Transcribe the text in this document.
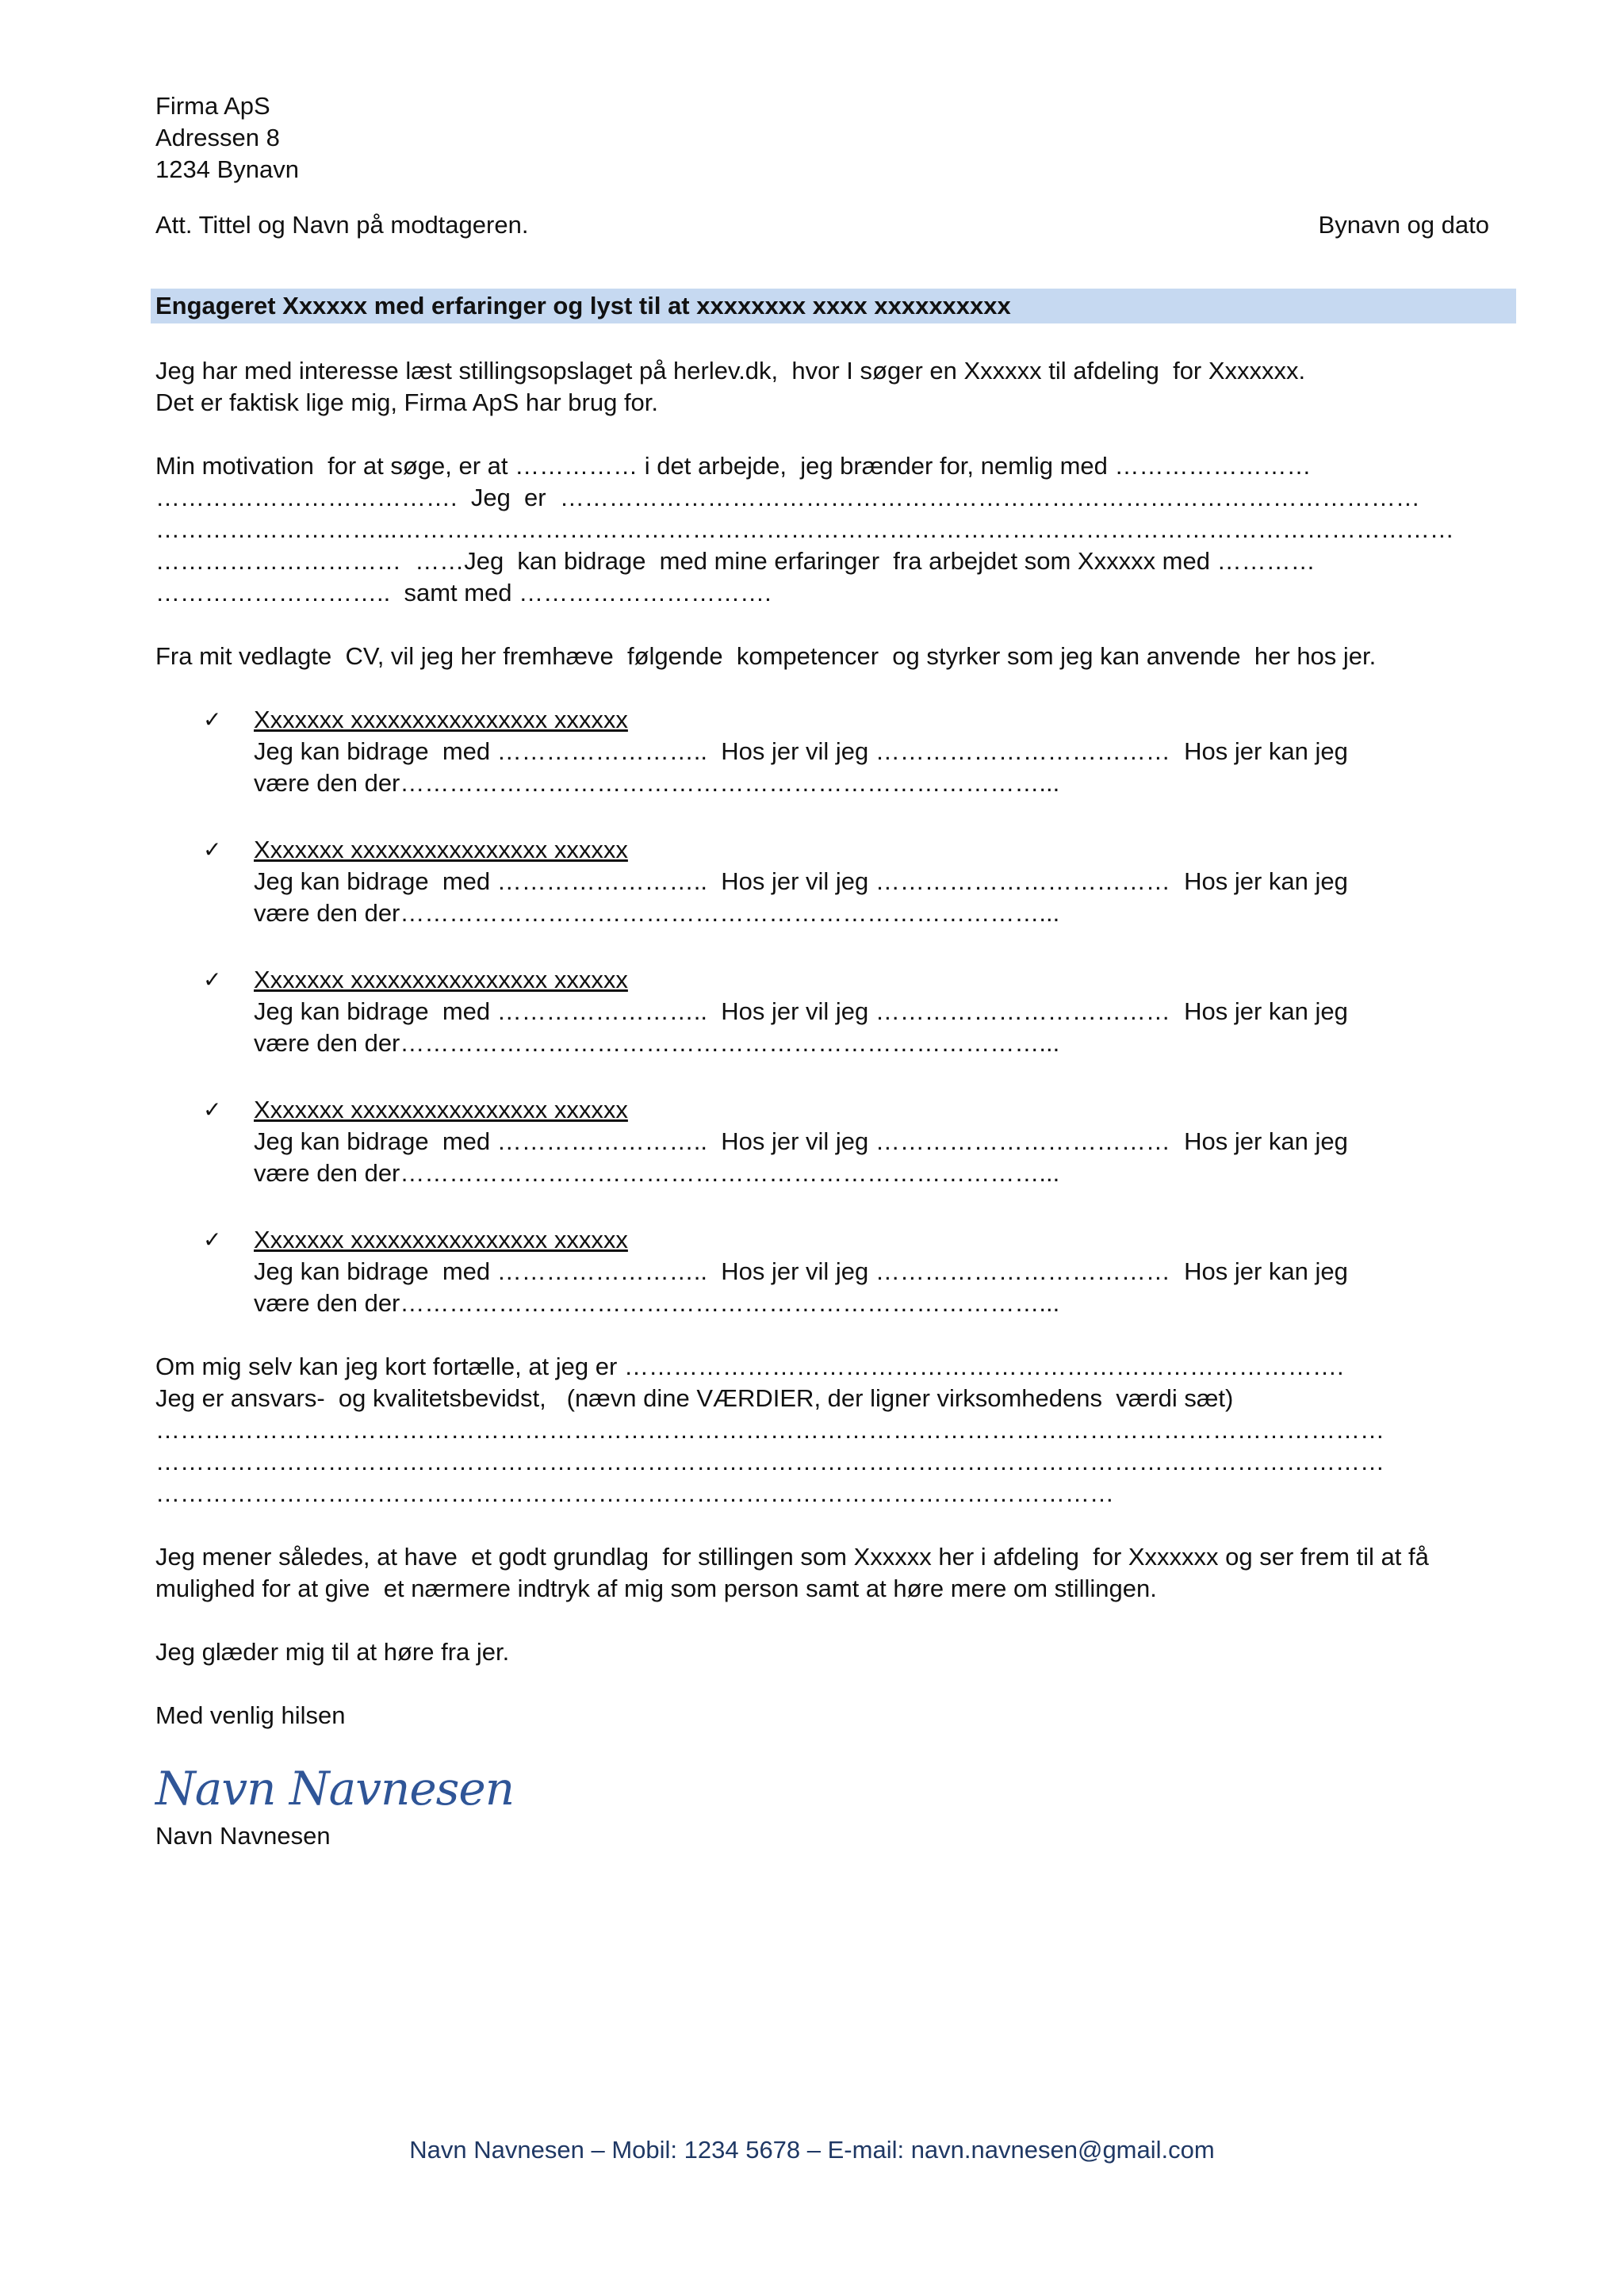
Firma ApS
Adressen 8
1234 Bynavn
Att. Tittel og Navn på modtageren.	Bynavn og dato
Engageret Xxxxxx med erfaringer og lyst til at xxxxxxxx xxxx xxxxxxxxxx
Jeg har med interesse læst stillingsopslaget på herlev.dk,  hvor I søger en Xxxxxx til afdeling  for Xxxxxxx.
Det er faktisk lige mig, Firma ApS har brug for.
Min motivation  for at søge, er at …………… i det arbejde,  jeg brænder for, nemlig med ……………………
……………………………….  Jeg  er  ……………………………………………………………………………………………
………………………...…………………………………………………………………………………………………………………
…………………………  ……Jeg  kan bidrage  med mine erfaringer  fra arbejdet som Xxxxxx med …………
………………………..  samt med ………………………….

Fra mit vedlagte  CV, vil jeg her fremhæve  følgende  kompetencer  og styrker som jeg kan anvende  her hos jer.

✓ Xxxxxxx xxxxxxxxxxxxxxxx xxxxxx
Jeg kan bidrage  med ……………………..  Hos jer vil jeg ………………………………  Hos jer kan jeg
være den der……………………………………………………………………...
✓ Xxxxxxx xxxxxxxxxxxxxxxx xxxxxx
Jeg kan bidrage  med ……………………..  Hos jer vil jeg ………………………………  Hos jer kan jeg
være den der……………………………………………………………………...
✓ Xxxxxxx xxxxxxxxxxxxxxxx xxxxxx
Jeg kan bidrage  med ……………………..  Hos jer vil jeg ………………………………  Hos jer kan jeg
være den der……………………………………………………………………...
✓ Xxxxxxx xxxxxxxxxxxxxxxx xxxxxx
Jeg kan bidrage  med ……………………..  Hos jer vil jeg ………………………………  Hos jer kan jeg
være den der……………………………………………………………………...
✓ Xxxxxxx xxxxxxxxxxxxxxxx xxxxxx
Jeg kan bidrage  med ……………………..  Hos jer vil jeg ………………………………  Hos jer kan jeg
være den der……………………………………………………………………...
Om mig selv kan jeg kort fortælle, at jeg er …………………………………………………………………………….
Jeg er ansvars-  og kvalitetsbevidst,   (nævn dine VÆRDIER, der ligner virksomhedens  værdi sæt)
……………………………………………………………………………………………………………………………………
……………………………………………………………………………………………………………………………………
………………………………………………………………………………………………………

Jeg mener således, at have  et godt grundlag  for stillingen som Xxxxxx her i afdeling  for Xxxxxxx og ser frem til at få mulighed for at give  et nærmere indtryk af mig som person samt at høre mere om stillingen.

Jeg glæder mig til at høre fra jer.

Med venlig hilsen

Navn Navnesen
Navn Navnesen
Navn Navnesen – Mobil: 1234 5678 – E-mail: navn.navnesen@gmail.com
